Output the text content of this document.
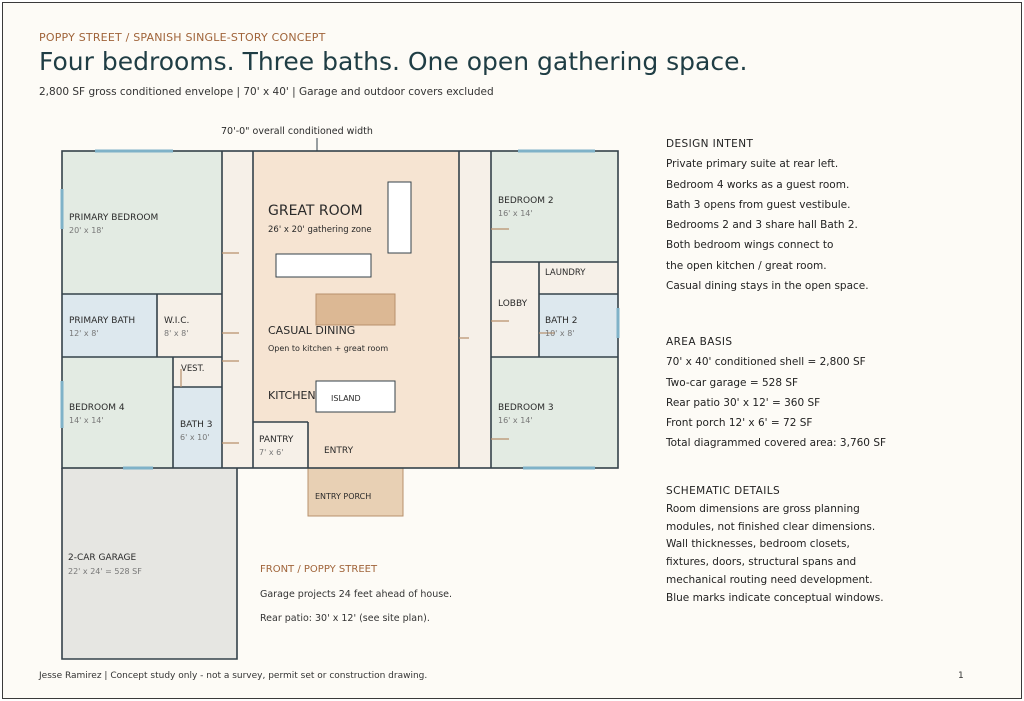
POPPY STREET / SPANISH SINGLE-STORY CONCEPT
Four bedrooms. Three baths. One open gathering space.
2,800 SF gross conditioned envelope | 70' x 40' | Garage and outdoor covers excluded
70'-0" overall conditioned width
PRIMARY BEDROOM
20' x 18'
PRIMARY BATH
12' x 8'
W.I.C.
8' x 8'
VEST.
BEDROOM 4
14' x 14'	BATH 3
6' x 10'
GREAT ROOM
26' x 20' gathering zone
CASUAL DINING
Open to kitchen + great room
KITCHEN ISLAND
PANTRY
7' x 6'	ENTRY
ENTRY PORCH
BEDROOM 2
16' x 14'
LAUNDRY
LOBBY
BATH 2
10' x 8'
BEDROOM 3
16' x 14'
2-CAR GARAGE
22' x 24' = 528 SF	FRONT / POPPY STREET
Garage projects 24 feet ahead of house.
Rear patio: 30' x 12' (see site plan).
DESIGN INTENT
Private primary suite at rear left.
Bedroom 4 works as a guest room.
Bath 3 opens from guest vestibule.
Bedrooms 2 and 3 share hall Bath 2.
Both bedroom wings connect to
the open kitchen / great room.
Casual dining stays in the open space.
AREA BASIS
70' x 40' conditioned shell = 2,800 SF
Two-car garage = 528 SF
Rear patio 30' x 12' = 360 SF
Front porch 12' x 6' = 72 SF
Total diagrammed covered area: 3,760 SF
SCHEMATIC DETAILS
Room dimensions are gross planning
modules, not finished clear dimensions.
Wall thicknesses, bedroom closets,
fixtures, doors, structural spans and
mechanical routing need development.
Blue marks indicate conceptual windows.
Jesse Ramirez | Concept study only - not a survey, permit set or construction drawing.	1
